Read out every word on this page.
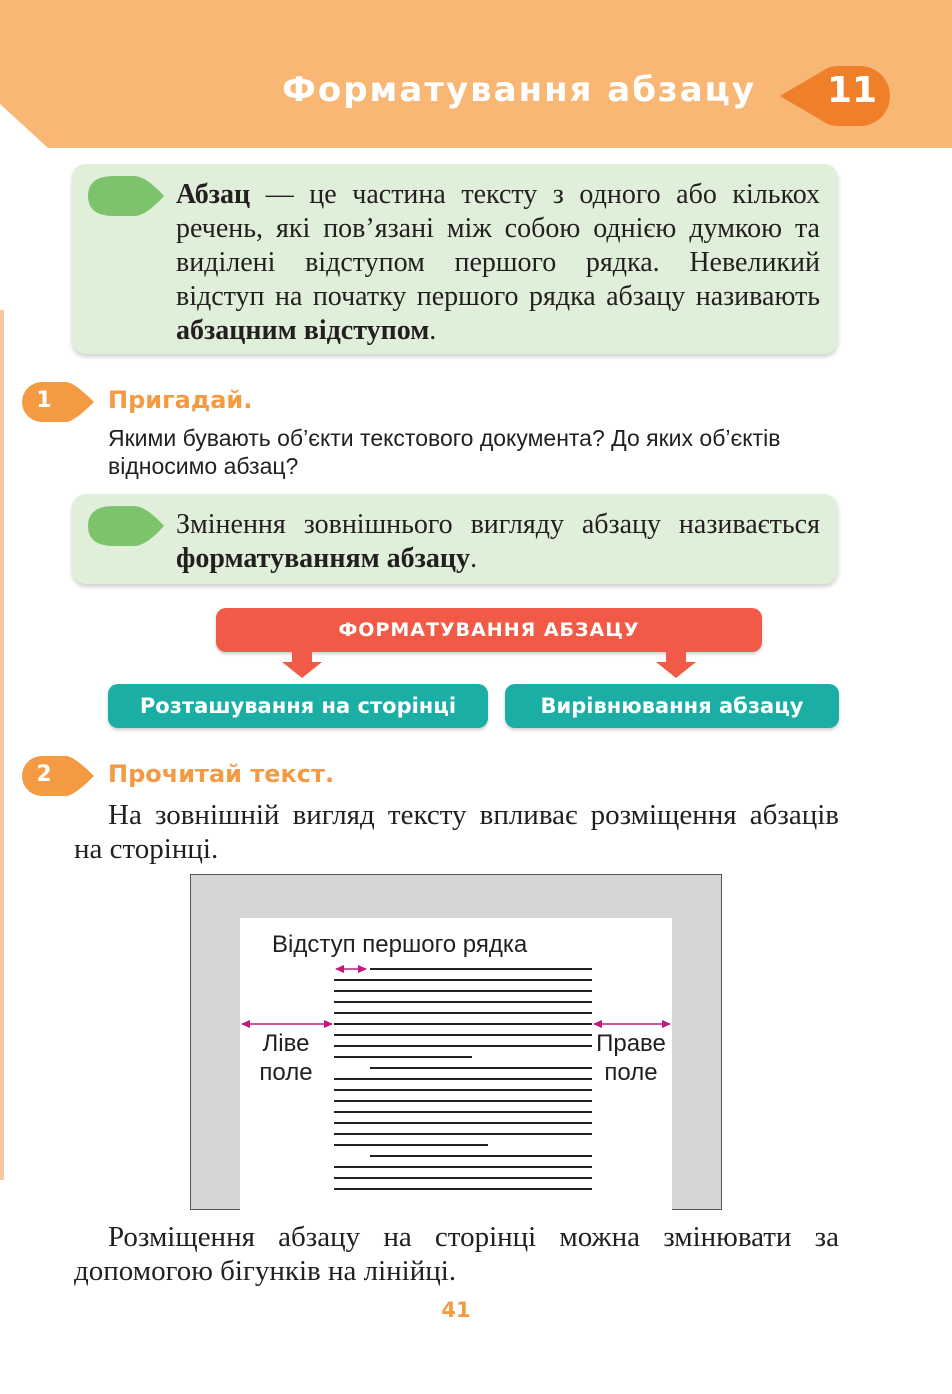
Форматування абзацу 11
Абзац — це частина тексту з одного або кількох речень, які пов’язані між собою однією думкою та виділені відступом першого рядка. Невеликий відступ на початку першого рядка абзацу називають абзацним відступом.
1	Пригадай.
Якими бувають об’єкти текстового документа? До яких об’єктів відносимо абзац?
Змінення зовнішнього вигляду абзацу називається форматуванням абзацу.
ФОРМАТУВАННЯ АБЗАЦУ
Розташування на сторінці	Вирівнювання абзацу
2	Прочитай текст.
На зовнішній вигляд тексту впливає розміщення абзаців на сторінці.
Відступ першого рядка
Ліве
поле
Праве
поле
Розміщення абзацу на сторінці можна змінювати за допомогою бігунків на лінійці.
41
